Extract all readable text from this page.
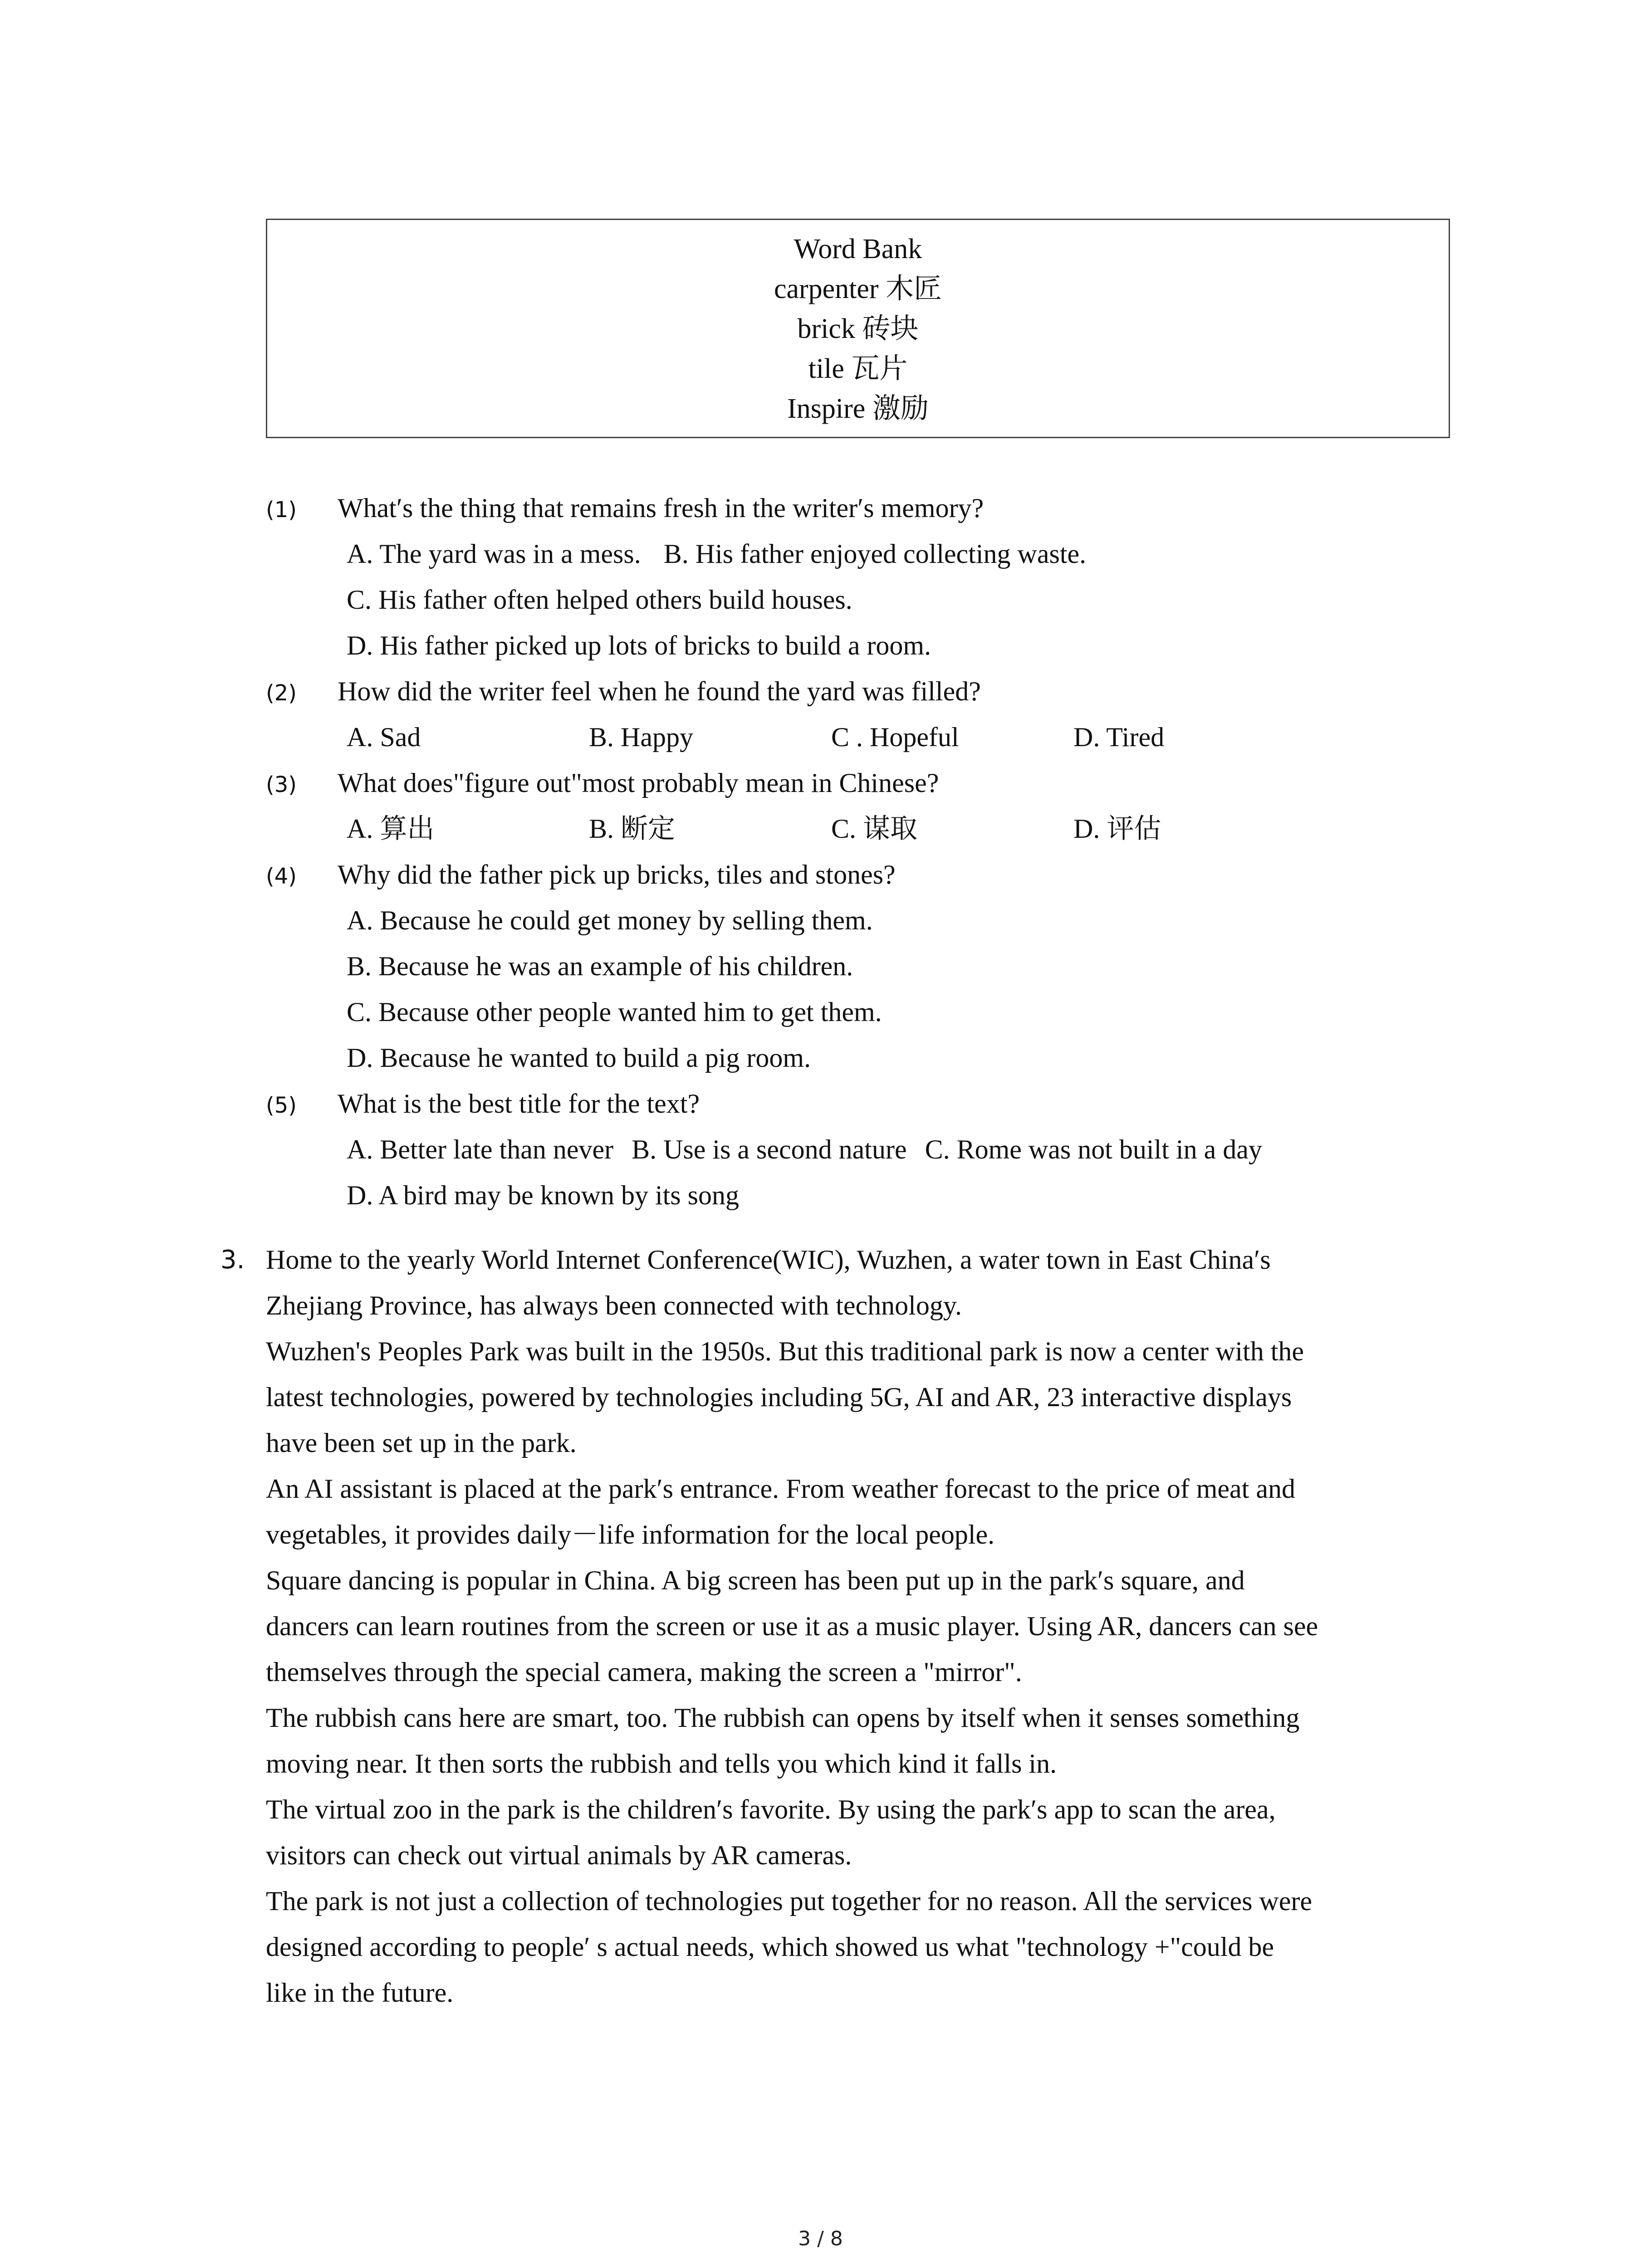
Word Bank
carpenter 木匠
brick 砖块
tile 瓦片
Inspire 激励
(1)	What′s the thing that remains fresh in the writer′s memory?
A. The yard was in a mess. B. His father enjoyed collecting waste.
C. His father often helped others build houses.
D. His father picked up lots of bricks to build a room.
(2)	How did the writer feel when he found the yard was filled?
A. Sad	B. Happy	C . Hopeful	D. Tired
(3)	What does"figure out"most probably mean in Chinese?
A. 算出	B. 断定	C. 谋取	D. 评估
(4)	Why did the father pick up bricks, tiles and stones?
A. Because he could get money by selling them.
B. Because he was an example of his children.
C. Because other people wanted him to get them.
D. Because he wanted to build a pig room.
(5)	What is the best title for the text?
A. Better late than never B. Use is a second nature C. Rome was not built in a day
D. A bird may be known by its song
3. Home to the yearly World Internet Conference(WIC), Wuzhen, a water town in East China′s
Zhejiang Province, has always been connected with technology.
Wuzhen's Peoples Park was built in the 1950s. But this traditional park is now a center with the
latest technologies, powered by technologies including 5G, AI and AR, 23 interactive displays
have been set up in the park.
An AI assistant is placed at the park′s entrance. From weather forecast to the price of meat and
vegetables, it provides daily－life information for the local people.
Square dancing is popular in China. A big screen has been put up in the park′s square, and
dancers can learn routines from the screen or use it as a music player. Using AR, dancers can see
themselves through the special camera, making the screen a "mirror".
The rubbish cans here are smart, too. The rubbish can opens by itself when it senses something
moving near. It then sorts the rubbish and tells you which kind it falls in.
The virtual zoo in the park is the children′s favorite. By using the park′s app to scan the area,
visitors can check out virtual animals by AR cameras.
The park is not just a collection of technologies put together for no reason. All the services were
designed according to people′ s actual needs, which showed us what "technology +"could be
like in the future.
3 / 8
